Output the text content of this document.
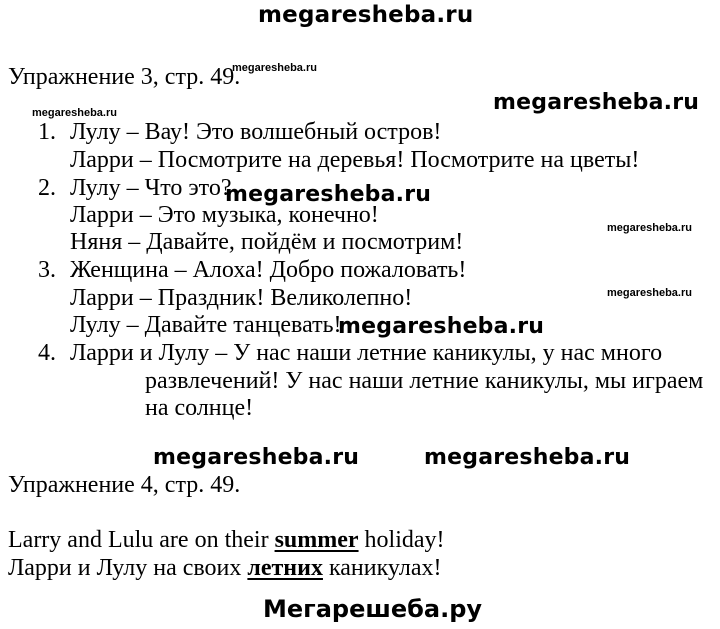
megaresheba.ru
Упражнение 3, стр. 49.
1. Лулу – Вау! Это волшебный остров!
Ларри – Посмотрите на деревья! Посмотрите на цветы!
2. Лулу – Что это?
Ларри – Это музыка, конечно!
Няня – Давайте, пойдём и посмотрим!
3. Женщина – Алоха! Добро пожаловать!
Ларри – Праздник! Великолепно!
Лулу – Давайте танцевать!
4. Ларри и Лулу – У нас наши летние каникулы, у нас много
развлечений! У нас наши летние каникулы, мы играем
на солнце!
Упражнение 4, стр. 49.
Larry and Lulu are on their summer holiday!
Ларри и Лулу на своих летних каникулах!
megaresheba.ru
megaresheba.ru
megaresheba.ru
megaresheba.ru
megaresheba.ru
megaresheba.ru
megaresheba.ru
megaresheba.ru	megaresheba.ru
Мегарешеба.ру
